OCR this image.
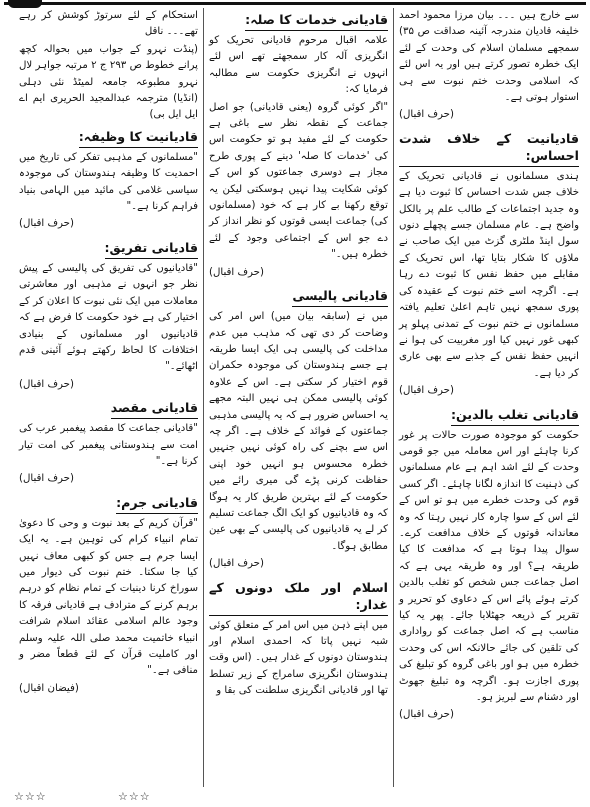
سے خارج ہیں ۔۔۔ بیان مرزا محمود احمد خلیفہ قادیان مندرجہ آئینہ صداقت ص ۳۵) سمجھے مسلمان اسلام کی وحدت کے لئے ایک خطرہ تصور کرتے ہیں اور یہ اس لئے کہ اسلامی وحدت ختم نبوت سے ہی استوار ہوتی ہے۔

(حرف اقبال)

قادیانیت کے خلاف شدت احساس:

ہندی مسلمانوں نے قادیانی تحریک کے خلاف جس شدت احساس کا ثبوت دیا ہے وہ جدید اجتماعات کے طالب علم پر بالکل واضح ہے۔ عام مسلمان جسے پچھلے دنوں سول اینڈ ملٹری گزٹ میں ایک صاحب نے ملاؤں کا شکار بتایا تھا، اس تحریک کے مقابلے میں حفظ نفس کا ثبوت دے رہا ہے۔ اگرچہ اسے ختم نبوت کے عقیدہ کی پوری سمجھ نہیں تاہم اعلیٰ تعلیم یافتہ مسلمانوں نے ختم نبوت کے تمدنی پہلو پر کبھی غور نہیں کیا اور مغربیت کی ہوا نے انہیں حفظ نفس کے جذبے سے بھی عاری کر دیا ہے۔

(حرف اقبال)

قادیانی تغلب بالدین:

حکومت کو موجودہ صورت حالات پر غور کرنا چاہئے اور اس معاملہ میں جو قومی وحدت کے لئے اشد اہم ہے عام مسلمانوں کی ذہنیت کا اندازہ لگانا چاہئے۔ اگر کسی قوم کی وحدت خطرے میں ہو تو اس کے لئے اس کے سوا چارہ کار نہیں رہتا کہ وہ معاندانہ قوتوں کے خلاف مدافعت کرے۔ سوال پیدا ہوتا ہے کہ مدافعت کا کیا طریقہ ہے؟ اور وہ طریقہ یہی ہے کہ اصل جماعت جس شخص کو تغلب بالدین کرتے ہوئے پائے اس کے دعاوی کو تحریر و تقریر کے ذریعہ جھٹلایا جائے۔ پھر یہ کیا مناسب ہے کہ اصل جماعت کو رواداری کی تلقین کی جائے حالانکہ اس کی وحدت خطرہ میں ہو اور باغی گروہ کو تبلیغ کی پوری اجازت ہو۔ اگرچہ وہ تبلیغ جھوٹ اور دشنام سے لبریز ہو۔

(حرف اقبال)

قادیانی خدمات کا صلہ:

علامہ اقبال مرحوم قادیانی تحریک کو انگریزی آلہ کار سمجھتے تھے اس لئے انہوں نے انگریزی حکومت سے مطالبہ فرمایا کہ:

"اگر کوئی گروہ (یعنی قادیانی) جو اصل جماعت کے نقطہ نظر سے باغی ہے حکومت کے لئے مفید ہو تو حکومت اس کی 'خدمات کا صلہ' دینے کے پوری طرح مجاز ہے دوسری جماعتوں کو اس کے کوئی شکایت پیدا نہیں ہوسکتی لیکن یہ توقع رکھنا بے کار ہے کہ خود (مسلمانوں کی) جماعت ایسی قوتوں کو نظر انداز کر دے جو اس کے اجتماعی وجود کے لئے خطرہ ہیں۔"

(حرف اقبال)

قادیانی پالیسی

میں نے (سابقہ بیان میں) اس امر کی وضاحت کر دی تھی کہ مذہب میں عدم مداخلت کی پالیسی ہی ایک ایسا طریقہ ہے جسے ہندوستان کی موجودہ حکمران قوم اختیار کر سکتی ہے۔ اس کے علاوہ کوئی پالیسی ممکن ہی نہیں البتہ مجھے یہ احساس ضرور ہے کہ یہ پالیسی مذہبی جماعتوں کے فوائد کے خلاف ہے۔ اگر چہ اس سے بچنے کی راہ کوئی نہیں جنہیں خطرہ محسوس ہو انہیں خود اپنی حفاظت کرنی پڑے گی میری رائے میں حکومت کے لئے بہترین طریق کار یہ ہوگا کہ وہ قادیانیوں کو ایک الگ جماعت تسلیم کر لے یہ قادیانیوں کی پالیسی کے بھی عین مطابق ہوگا۔

(حرف اقبال)

اسلام اور ملک دونوں کے غدار:

میں اپنے ذہن میں اس امر کے متعلق کوئی شبہ نہیں پاتا کہ احمدی اسلام اور ہندوستان دونوں کے غدار ہیں۔ (اس وقت ہندوستان انگریزی سامراج کے زیر تسلط تھا اور قادیانی انگریزی سلطنت کی بقا و

استحکام کے لئے سرتوڑ کوشش کر رہے تھے۔۔۔ ناقل

(پنڈت نہرو کے جواب میں بحوالہ کچھ پرانے خطوط ص ۲۹۳ ج ۲ مرتبہ جواہر لال نہرو مطبوعہ جامعہ لمیٹڈ نئی دہلی (انڈیا) مترجمہ عبدالمجید الحریری ایم اے ایل ایل بی)

قادیانیت کا وظیفہ:

"مسلمانوں کے مذہبی تفکر کی تاریخ میں احمدیت کا وظیفہ ہندوستان کی موجودہ سیاسی غلامی کی مائید میں الہامی بنیاد فراہم کرنا ہے۔"

(حرف اقبال)

قادیانی تفریق:

"قادیانیوں کی تفریق کی پالیسی کے پیش نظر جو انہوں نے مذہبی اور معاشرتی معاملات میں ایک نئی نبوت کا اعلان کر کے اختیار کی ہے خود حکومت کا فرض ہے کہ قادیانیوں اور مسلمانوں کے بنیادی اختلافات کا لحاظ رکھتے ہوئے آئینی قدم اٹھائے۔"

(حرف اقبال)

قادیانی مقصد

"قادیانی جماعت کا مقصد پیغمبر عرب کی امت سے ہندوستانی پیغمبر کی امت تیار کرنا ہے۔"

(حرف اقبال)

قادیانی جرم:

"قرآن کریم کے بعد نبوت و وحی کا دعویٰ تمام انبیاء کرام کی توہین ہے۔ یہ ایک ایسا جرم ہے جس کو کبھی معاف نہیں کیا جا سکتا۔ ختم نبوت کی دیوار میں سوراخ کرنا دینیات کے تمام نظام کو درہم برہم کرنے کے مترادف ہے قادیانی فرقہ کا وجود عالم اسلامی عقائد اسلام شرافت انبیاء خاتمیت محمد صلی اللہ علیہ وسلم اور کاملیت قرآن کے لئے قطعاً مضر و منافی ہے۔"

(فیضان اقبال)

☆☆☆	☆☆☆
